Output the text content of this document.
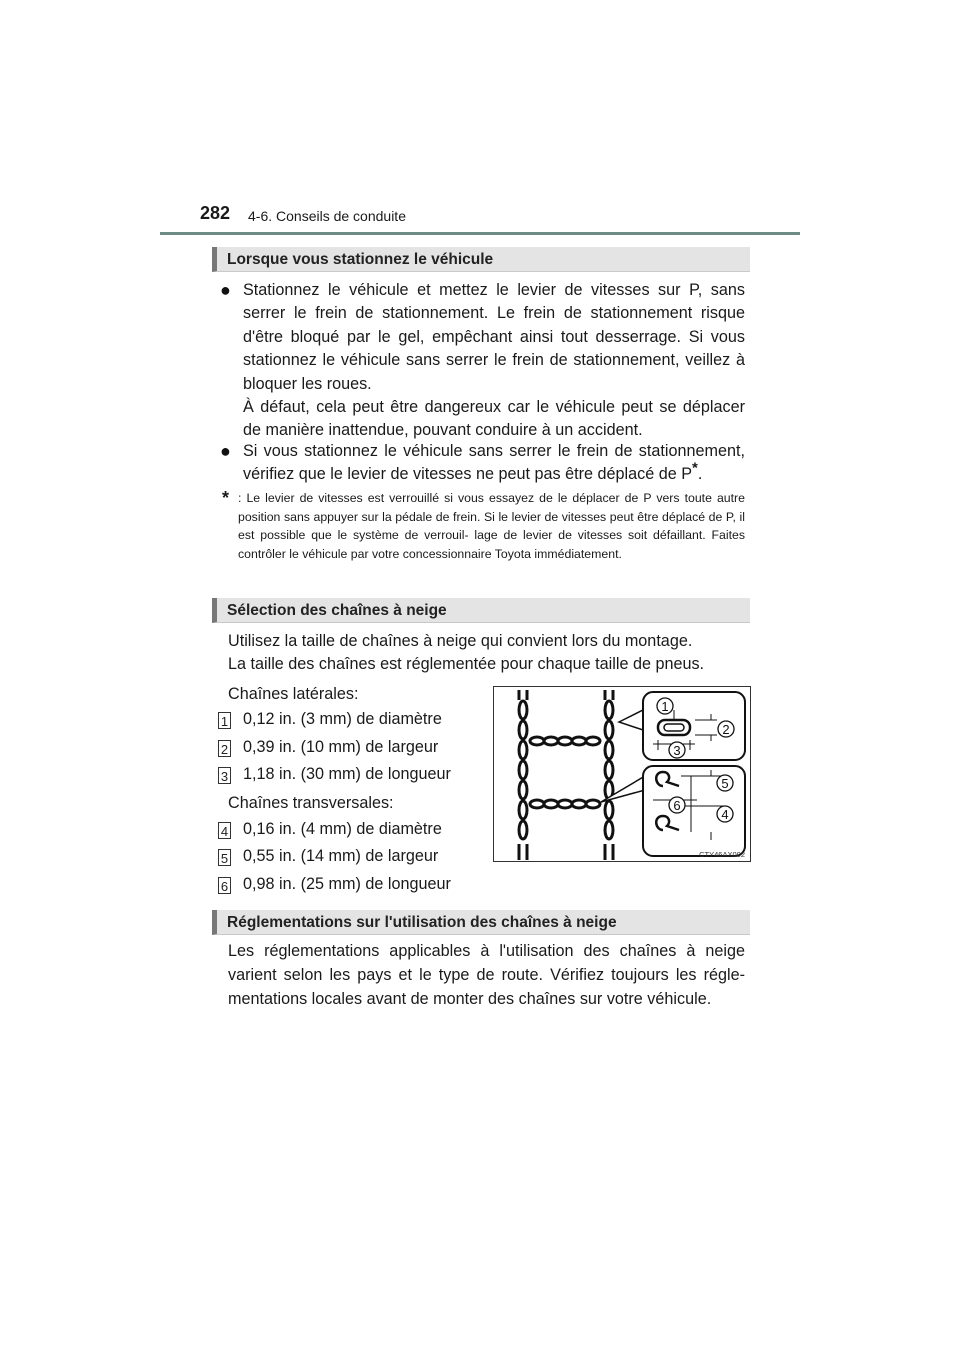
282 4-6. Conseils de conduite
Lorsque vous stationnez le véhicule
● Stationnez le véhicule et mettez le levier de vitesses sur P, sans serrer le frein de stationnement. Le frein de stationnement risque d'être bloqué par le gel, empêchant ainsi tout desserrage. Si vous stationnez le véhicule sans serrer le frein de stationnement, veillez à bloquer les roues.

À défaut, cela peut être dangereux car le véhicule peut se déplacer de manière inattendue, pouvant conduire à un accident.

● Si vous stationnez le véhicule sans serrer le frein de stationnement, vérifiez que le levier de vitesses ne peut pas être déplacé de P*.
* : Le levier de vitesses est verrouillé si vous essayez de le déplacer de P vers toute autre position sans appuyer sur la pédale de frein. Si le levier de vitesses peut être déplacé de P, il est possible que le système de verrouil- lage de levier de vitesses soit défaillant. Faites contrôler le véhicule par votre concessionnaire Toyota immédiatement.
Sélection des chaînes à neige
Utilisez la taille de chaînes à neige qui convient lors du montage.
La taille des chaînes est réglementée pour chaque taille de pneus.
Chaînes latérales:
1 0,12 in. (3 mm) de diamètre
2 0,39 in. (10 mm) de largeur
3 1,18 in. (30 mm) de longueur
Chaînes transversales:
4 0,16 in. (4 mm) de diamètre
5 0,55 in. (14 mm) de largeur
6 0,98 in. (25 mm) de longueur
1
2
3
4
5
6
CTY46AX002
Réglementations sur l'utilisation des chaînes à neige
Les réglementations applicables à l'utilisation des chaînes à neige varient selon les pays et le type de route. Vérifiez toujours les régle- mentations locales avant de monter des chaînes sur votre véhicule.
